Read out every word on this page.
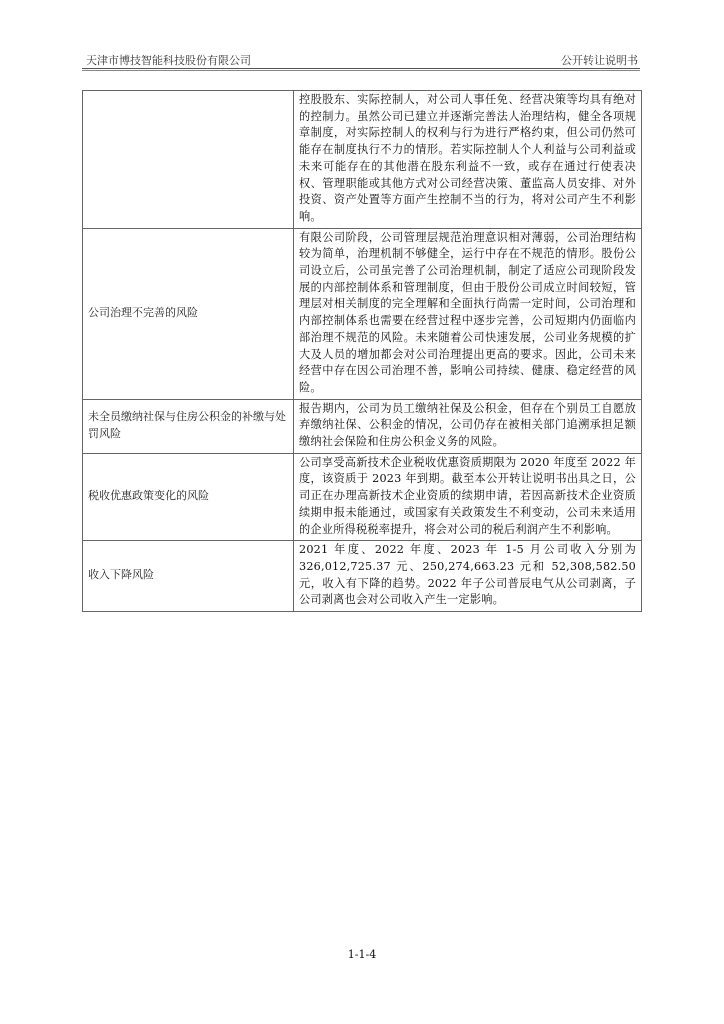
天津市博技智能科技股份有限公司	公开转让说明书
	控股股东、实际控制人，对公司人事任免、经营决策等均具有绝对的控制力。虽然公司已建立并逐渐完善法人治理结构，健全各项规章制度，对实际控制人的权利与行为进行严格约束，但公司仍然可能存在制度执行不力的情形。若实际控制人个人利益与公司利益或未来可能存在的其他潜在股东利益不一致，或存在通过行使表决权、管理职能或其他方式对公司经营决策、董监高人员安排、对外投资、资产处置等方面产生控制不当的行为，将对公司产生不利影响。
公司治理不完善的风险	有限公司阶段，公司管理层规范治理意识相对薄弱，公司治理结构较为简单，治理机制不够健全，运行中存在不规范的情形。股份公司设立后，公司虽完善了公司治理机制，制定了适应公司现阶段发展的内部控制体系和管理制度，但由于股份公司成立时间较短，管理层对相关制度的完全理解和全面执行尚需一定时间，公司治理和内部控制体系也需要在经营过程中逐步完善，公司短期内仍面临内部治理不规范的风险。未来随着公司快速发展，公司业务规模的扩大及人员的增加都会对公司治理提出更高的要求。因此，公司未来经营中存在因公司治理不善，影响公司持续、健康、稳定经营的风险。
未全员缴纳社保与住房公积金的补缴与处罚风险	报告期内，公司为员工缴纳社保及公积金，但存在个别员工自愿放弃缴纳社保、公积金的情况，公司仍存在被相关部门追溯承担足额缴纳社会保险和住房公积金义务的风险。
税收优惠政策变化的风险	公司享受高新技术企业税收优惠资质期限为 2020 年度至 2022 年度，该资质于 2023 年到期。截至本公开转让说明书出具之日，公司正在办理高新技术企业资质的续期申请，若因高新技术企业资质续期申报未能通过，或国家有关政策发生不利变动，公司未来适用的企业所得税税率提升，将会对公司的税后利润产生不利影响。
收入下降风险	2021 年度、2022 年度、2023 年 1-5 月公司收入分别为 326,012,725.37 元、250,274,663.23 元和 52,308,582.50 元，收入有下降的趋势。2022 年子公司普辰电气从公司剥离，子公司剥离也会对公司收入产生一定影响。
1-1-4
